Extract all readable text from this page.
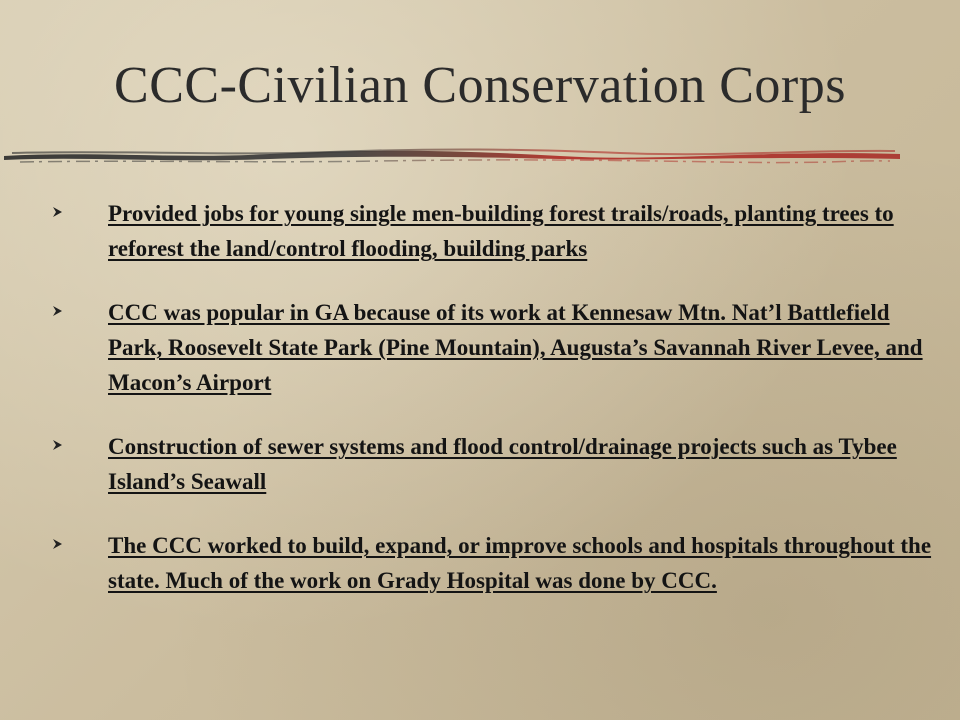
CCC-Civilian Conservation Corps
Provided jobs for young single men-building forest trails/roads, planting trees to reforest the land/control flooding, building parks
CCC was popular in GA because of its work at Kennesaw Mtn. Nat’l Battlefield Park, Roosevelt State Park (Pine Mountain), Augusta’s Savannah River Levee, and Macon’s Airport
Construction of sewer systems and flood control/drainage projects such as Tybee Island’s Seawall
The CCC worked to build, expand, or improve schools and hospitals throughout the state. Much of the work on Grady Hospital was done by CCC.
